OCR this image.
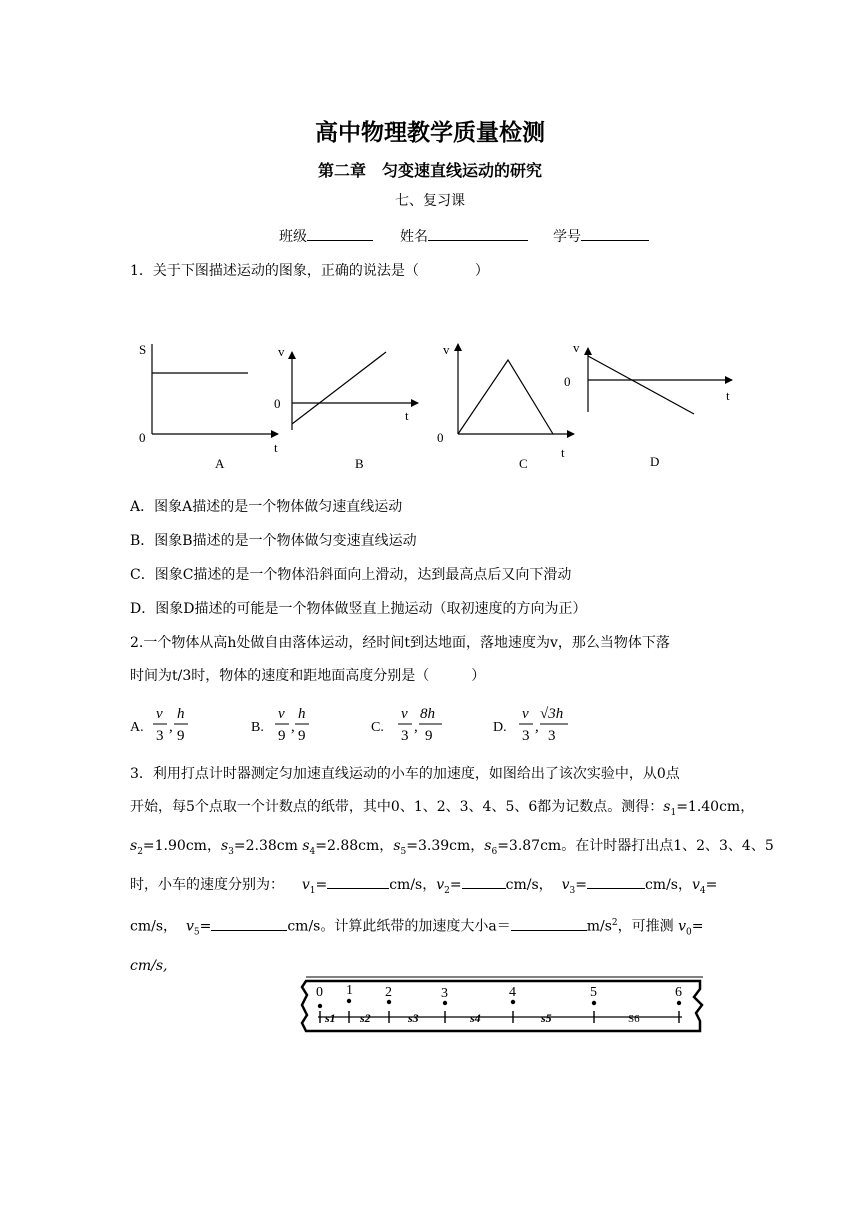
高中物理教学质量检测
第二章　匀变速直线运动的研究
七、复习课
班级	姓名	学号
1．关于下图描述运动的图象，正确的说法是（　　　　）
S
0
t
A
v
0
t
B
v
0
t
C
v
0
t
D
A．图象A描述的是一个物体做匀速直线运动
B．图象B描述的是一个物体做匀变速直线运动
C．图象C描述的是一个物体沿斜面向上滑动，达到最高点后又向下滑动
D．图象D描述的可能是一个物体做竖直上抛运动（取初速度的方向为正）
2.一个物体从高h处做自由落体运动，经时间t到达地面，落地速度为v，那么当物体下落
时间为t/3时，物体的速度和距地面高度分别是（　　　）
A.
v
3
,
h
9
B.
v
9
,
h
9
C.
v
3
,
8h
9
D.
v
3
,
√3h
3
3．利用打点计时器测定匀加速直线运动的小车的加速度，如图给出了该次实验中，从0点
开始，每5个点取一个计数点的纸带，其中0、1、2、3、4、5、6都为记数点。测得：$s_1=1.40cm$，
$s_2=1.90cm$，$s_3=2.38cm$ $s_4=2.88cm$，$s_5=3.39cm$，$s_6=3.87cm$。在计时器打出点1、2、3、4、5
时，小车的速度分别为： $v_1=$	cm/s，$v_2=$	cm/s， $v_3=$	cm/s，$v_4=$
cm/s， $v_5=$	cm/s。计算此纸带的加速度大小a＝	$m/s^2$，可推测 $v_0=$
cm/s,
0 1 2	3	4	5	6
s1 s2	s3	s4	s5	S6
